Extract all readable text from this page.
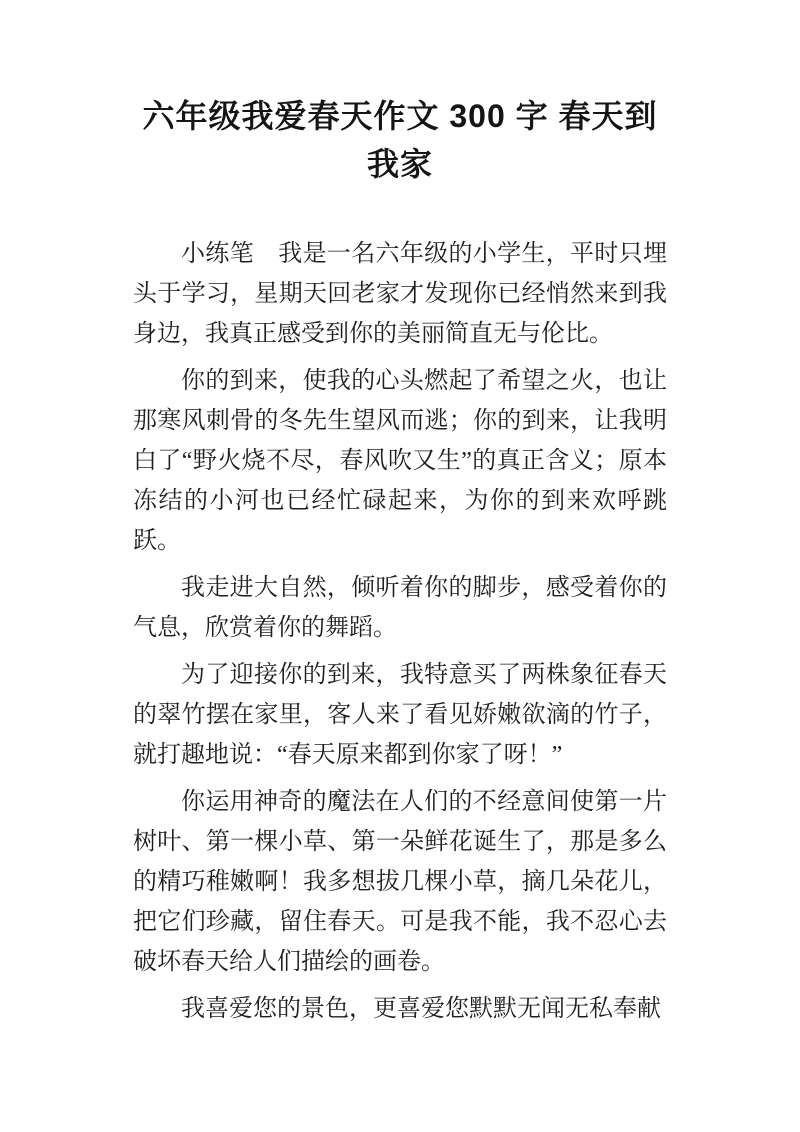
六年级我爱春天作文 300 字 春天到我家

小练笔　我是一名六年级的小学生，平时只埋头于学习，星期天回老家才发现你已经悄然来到我身边，我真正感受到你的美丽简直无与伦比。

你的到来，使我的心头燃起了希望之火，也让那寒风刺骨的冬先生望风而逃；你的到来，让我明白了“野火烧不尽，春风吹又生”的真正含义；原本冻结的小河也已经忙碌起来，为你的到来欢呼跳跃。

我走进大自然，倾听着你的脚步，感受着你的气息，欣赏着你的舞蹈。

为了迎接你的到来，我特意买了两株象征春天的翠竹摆在家里，客人来了看见娇嫩欲滴的竹子，就打趣地说：“春天原来都到你家了呀！”

你运用神奇的魔法在人们的不经意间使第一片树叶、第一棵小草、第一朵鲜花诞生了，那是多么的精巧稚嫩啊！我多想拔几棵小草，摘几朵花儿，把它们珍藏，留住春天。可是我不能，我不忍心去破坏春天给人们描绘的画卷。

我喜爱您的景色，更喜爱您默默无闻无私奉献
